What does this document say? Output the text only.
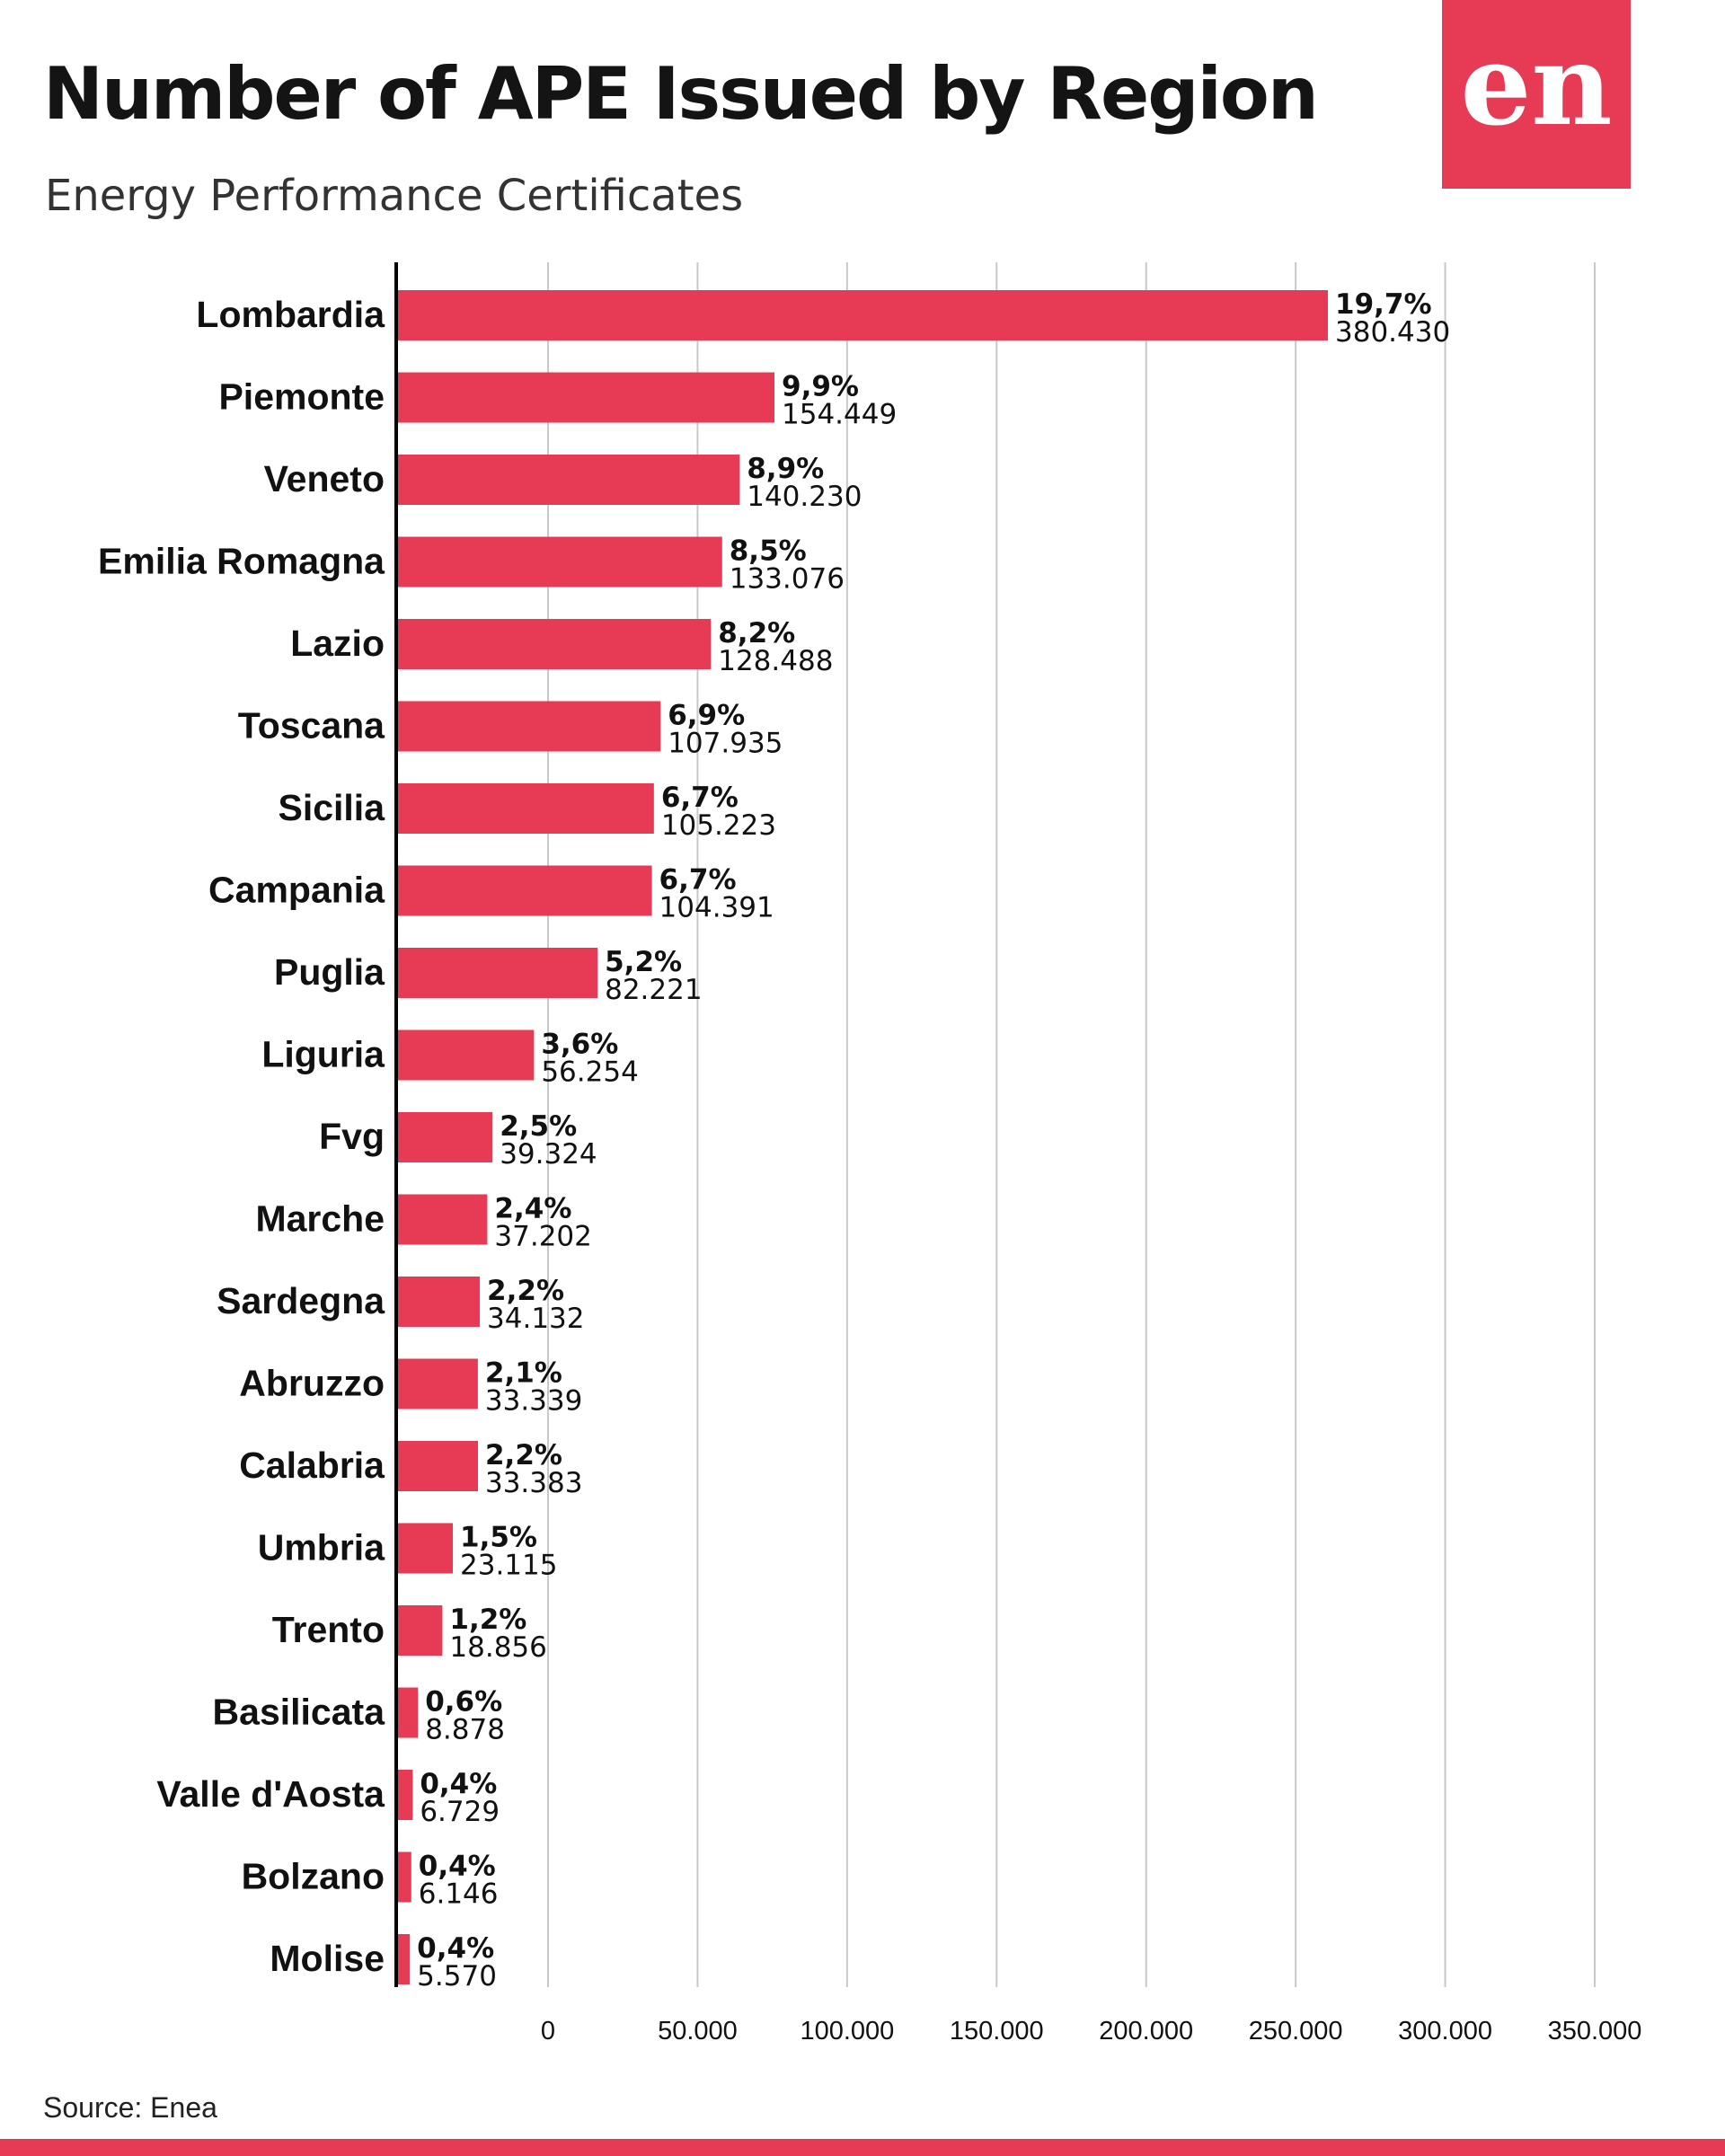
Number of APE Issued by Region
Energy Performance Certificates
en
0	50.000 100.000 150.000 200.000 250.000 300.000 350.000
Lombardia	19,7%
380.430
Piemonte	9,9%
154.449
Veneto	8,9%
140.230
Emilia Romagna	8,5%
133.076
Lazio	8,2%
128.488
Toscana	6,9%
107.935
Sicilia	6,7%
105.223
Campania	6,7%
104.391
Puglia	5,2%
82.221
Liguria	3,6%
56.254
Fvg	2,5%
39.324
Marche	2,4%
37.202
Sardegna	2,2%
34.132
Abruzzo	2,1%
33.339
Calabria	2,2%
33.383
Umbria	1,5%
23.115
Trento 1,2%
18.856
Basilicata 0,6%
8.878
Valle d'Aosta 0,4%
6.729
Bolzano 0,4%
6.146
Molise 0,4%
5.570
Source: Enea
